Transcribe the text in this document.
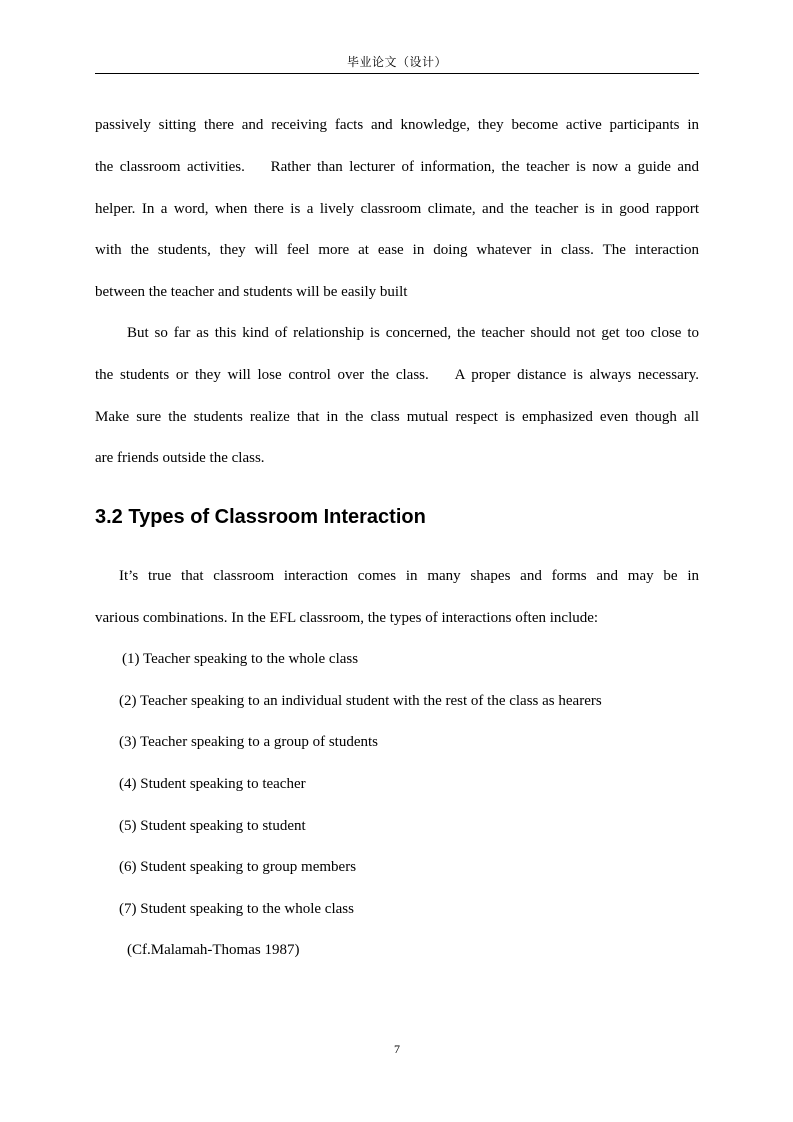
毕业论文（设计）
passively sitting there and receiving facts and knowledge, they become active participants in
the classroom activities.    Rather than lecturer of information, the teacher is now a guide and
helper. In a word, when there is a lively classroom climate, and the teacher is in good rapport
with the students, they will feel more at ease in doing whatever in class. The interaction
between the teacher and students will be easily built
But so far as this kind of relationship is concerned, the teacher should not get too close to
the students or they will lose control over the class.    A proper distance is always necessary.
Make sure the students realize that in the class mutual respect is emphasized even though all
are friends outside the class.
3.2 Types of Classroom Interaction
It’s true that classroom interaction comes in many shapes and forms and may be in
various combinations. In the EFL classroom, the types of interactions often include:
(1) Teacher speaking to the whole class
(2) Teacher speaking to an individual student with the rest of the class as hearers
(3) Teacher speaking to a group of students
(4) Student speaking to teacher
(5) Student speaking to student
(6) Student speaking to group members
(7) Student speaking to the whole class
(Cf.Malamah-Thomas 1987)
7
